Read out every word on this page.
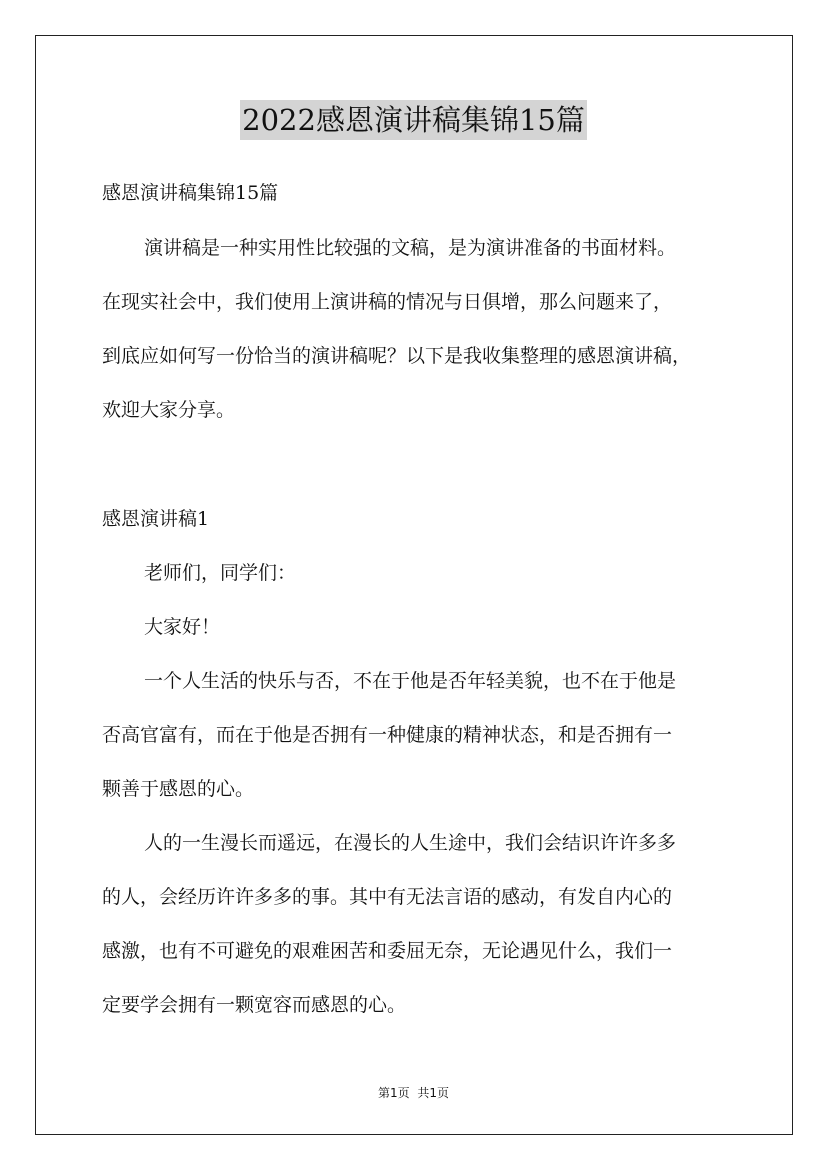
2022感恩演讲稿集锦15篇
感恩演讲稿集锦15篇
演讲稿是一种实用性比较强的文稿，是为演讲准备的书面材料。
在现实社会中，我们使用上演讲稿的情况与日俱增，那么问题来了，
到底应如何写一份恰当的演讲稿呢？以下是我收集整理的感恩演讲稿，
欢迎大家分享。
感恩演讲稿1
老师们，同学们：
大家好！
一个人生活的快乐与否，不在于他是否年轻美貌，也不在于他是
否高官富有，而在于他是否拥有一种健康的精神状态，和是否拥有一
颗善于感恩的心。
人的一生漫长而遥远，在漫长的人生途中，我们会结识许许多多
的人，会经历许许多多的事。其中有无法言语的感动，有发自内心的
感激，也有不可避免的艰难困苦和委屈无奈，无论遇见什么，我们一
定要学会拥有一颗宽容而感恩的心。
第1页 共1页
